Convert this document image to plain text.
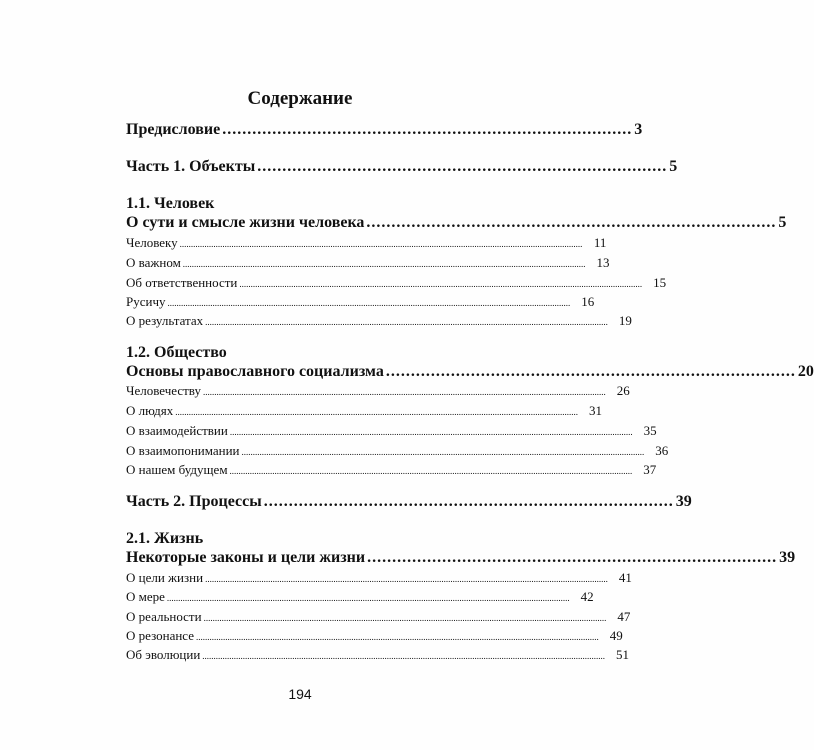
Содержание
Предисловие .................................................................................. 3
Часть 1. Объекты .................................................................................. 5
1.1. Человек
О сути и смысле жизни человека .................................................................................. 5
Человеку ................................................................................................................................................................................... 11
О важном ................................................................................................................................................................................... 13
Об ответственности ................................................................................................................................................................................... 15
Русичу ................................................................................................................................................................................... 16
О результатах ................................................................................................................................................................................... 19
1.2. Общество
Основы православного социализма .................................................................................. 20
Человечеству ................................................................................................................................................................................... 26
О людях ................................................................................................................................................................................... 31
О взаимодействии ................................................................................................................................................................................... 35
О взаимопонимании ................................................................................................................................................................................... 36
О нашем будущем ................................................................................................................................................................................... 37
Часть 2. Процессы .................................................................................. 39
2.1. Жизнь
Некоторые законы и цели жизни .................................................................................. 39
О цели жизни ................................................................................................................................................................................... 41
О мере ................................................................................................................................................................................... 42
О реальности ................................................................................................................................................................................... 47
О резонансе ................................................................................................................................................................................... 49
Об эволюции ................................................................................................................................................................................... 51
194
